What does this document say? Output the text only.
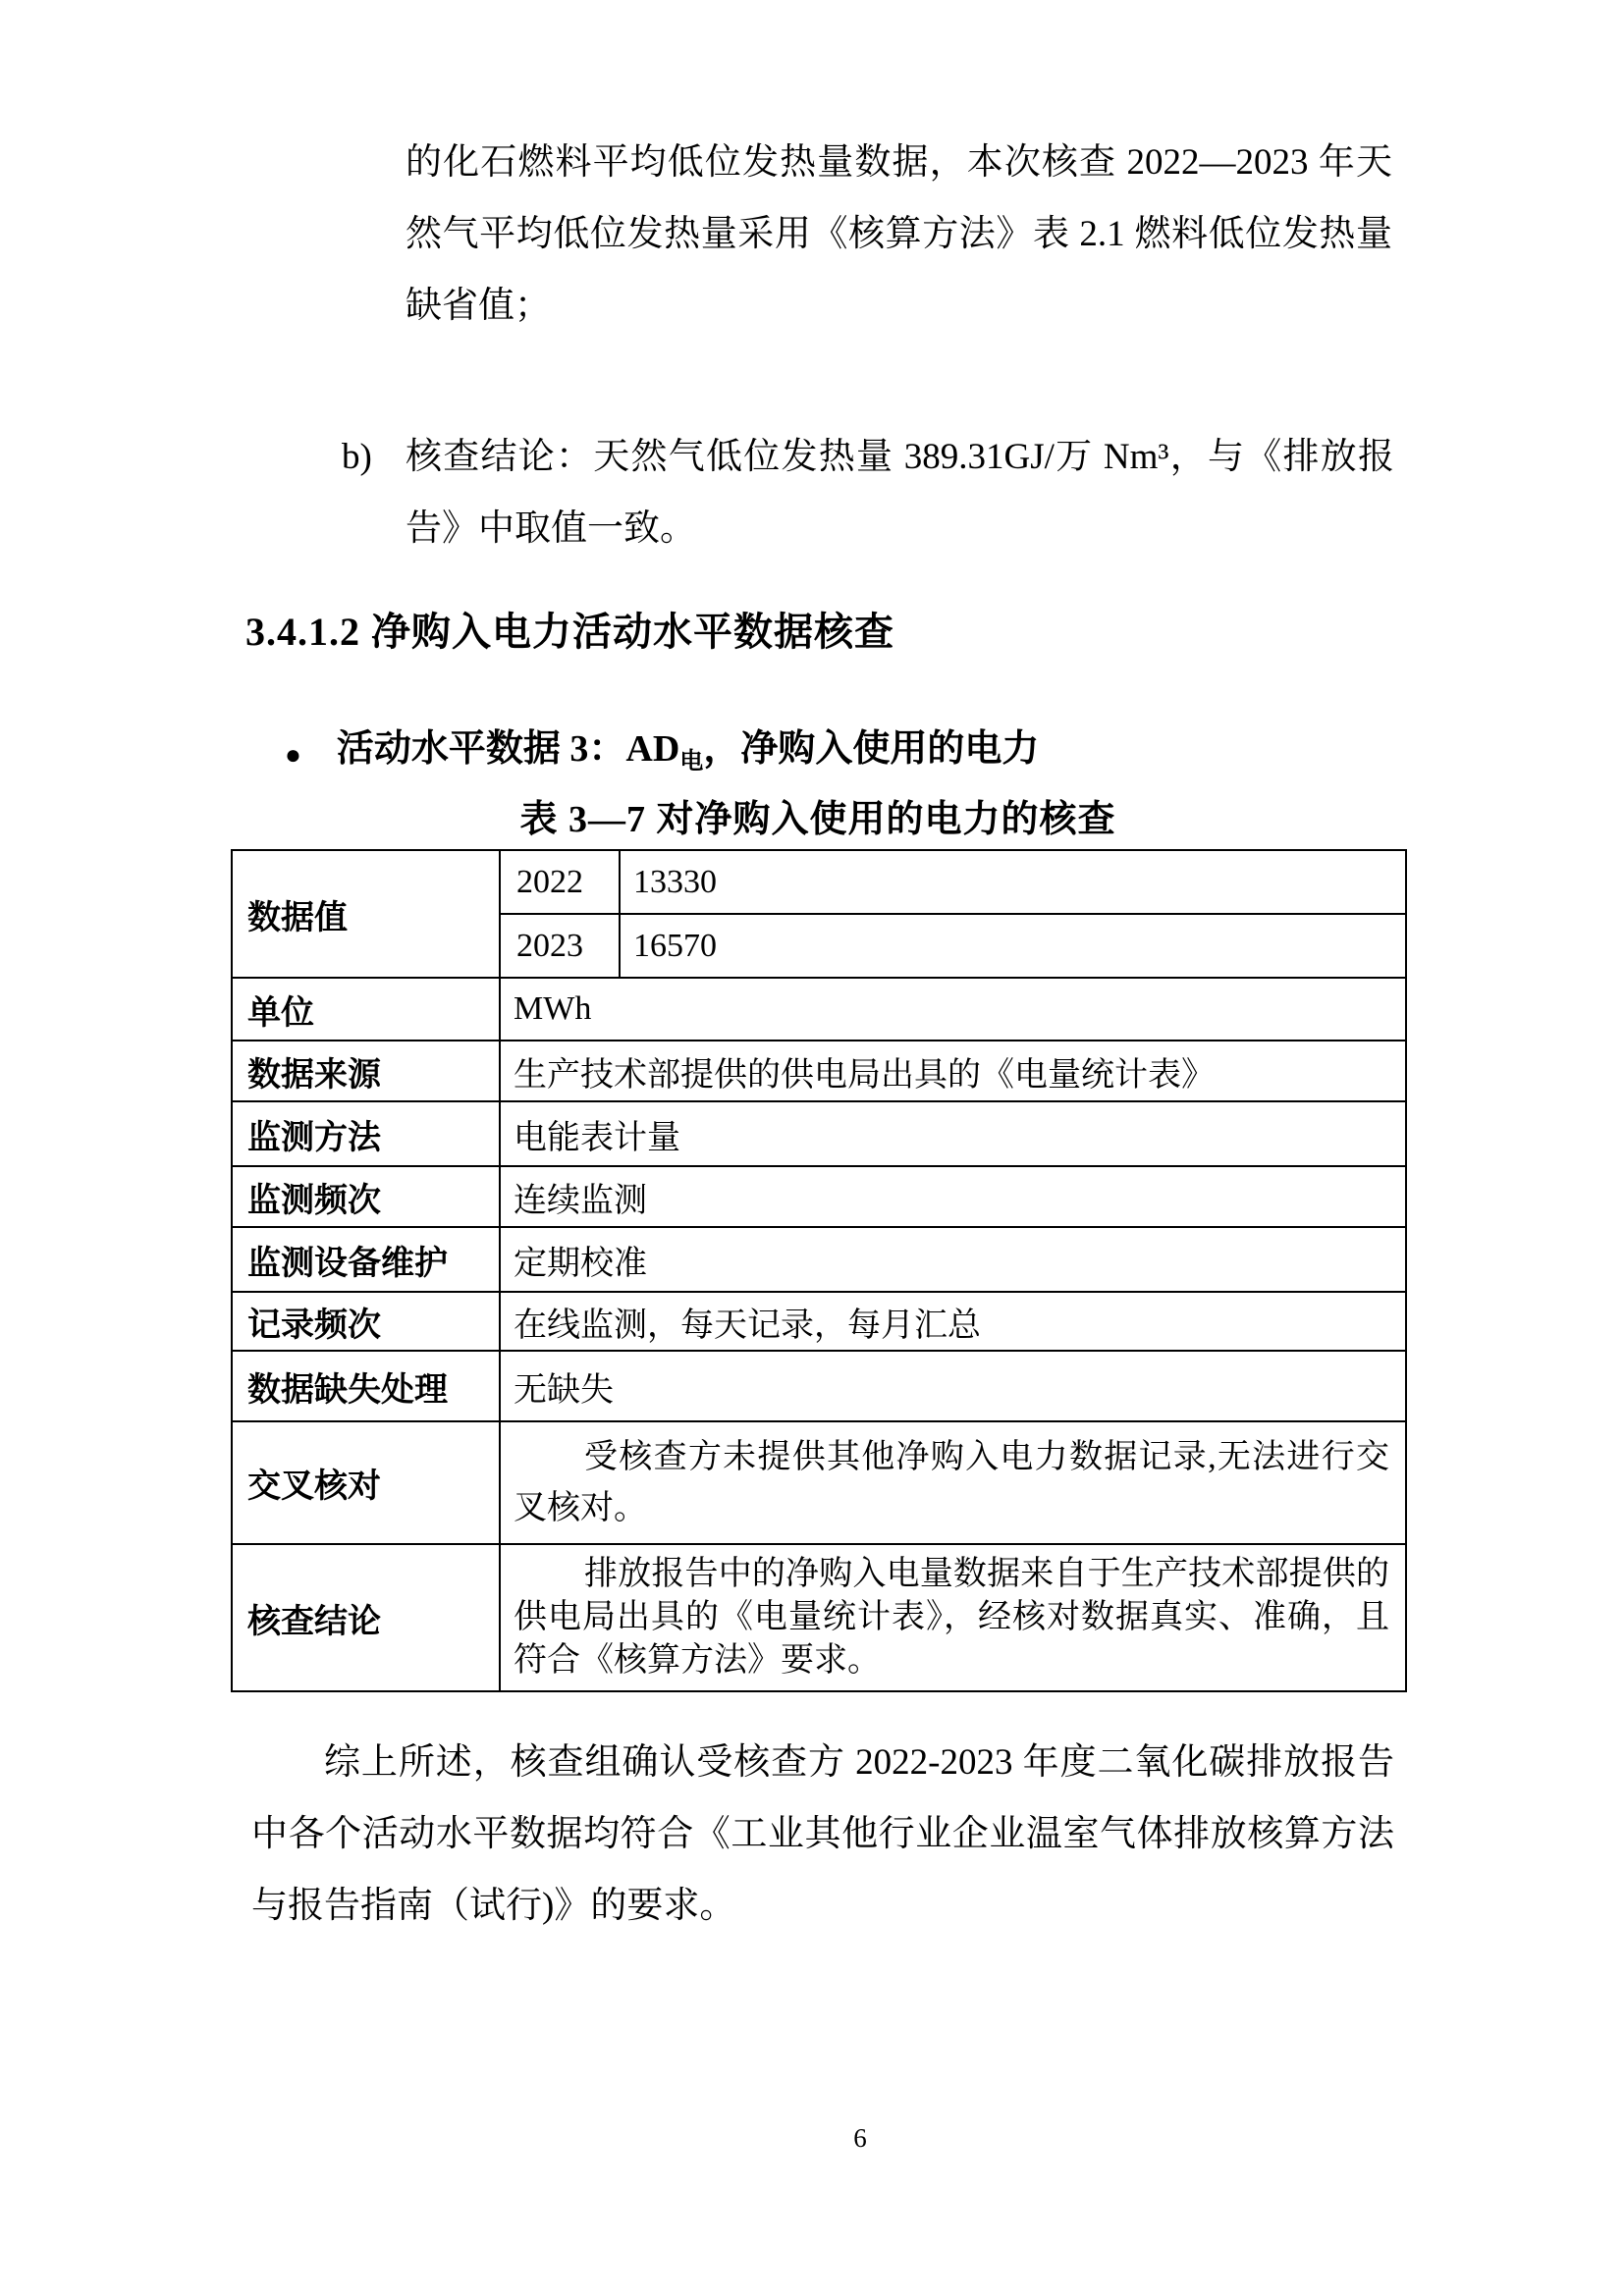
的化石燃料平均低位发热量数据，本次核查 2022—2023 年天然气平均低位发热量采用《核算方法》表 2.1 燃料低位发热量缺省值；
b) 核查结论：天然气低位发热量 389.31GJ/万 Nm³，与《排放报告》中取值一致。
3.4.1.2 净购入电力活动水平数据核查
● 活动水平数据 3：$AD_电$，净购入使用的电力
表 3—7 对净购入使用的电力的核查
数据值	2022	13330
	2023	16570
单位	MWh	
数据来源	生产技术部提供的供电局出具的《电量统计表》	
监测方法	电能表计量	
监测频次	连续监测	
监测设备维护	定期校准	
记录频次	在线监测，每天记录，每月汇总	
数据缺失处理	无缺失	
交叉核对	受核查方未提供其他净购入电力数据记录,无法进行交叉核对。	

核查结论	排放报告中的净购入电量数据来自于生产技术部提供的供电局出具的《电量统计表》，经核对数据真实、准确，且符合《核算方法》要求。	
综上所述，核查组确认受核查方 2022-2023 年度二氧化碳排放报告中各个活动水平数据均符合《工业其他行业企业温室气体排放核算方法与报告指南（试行)》的要求。
6
